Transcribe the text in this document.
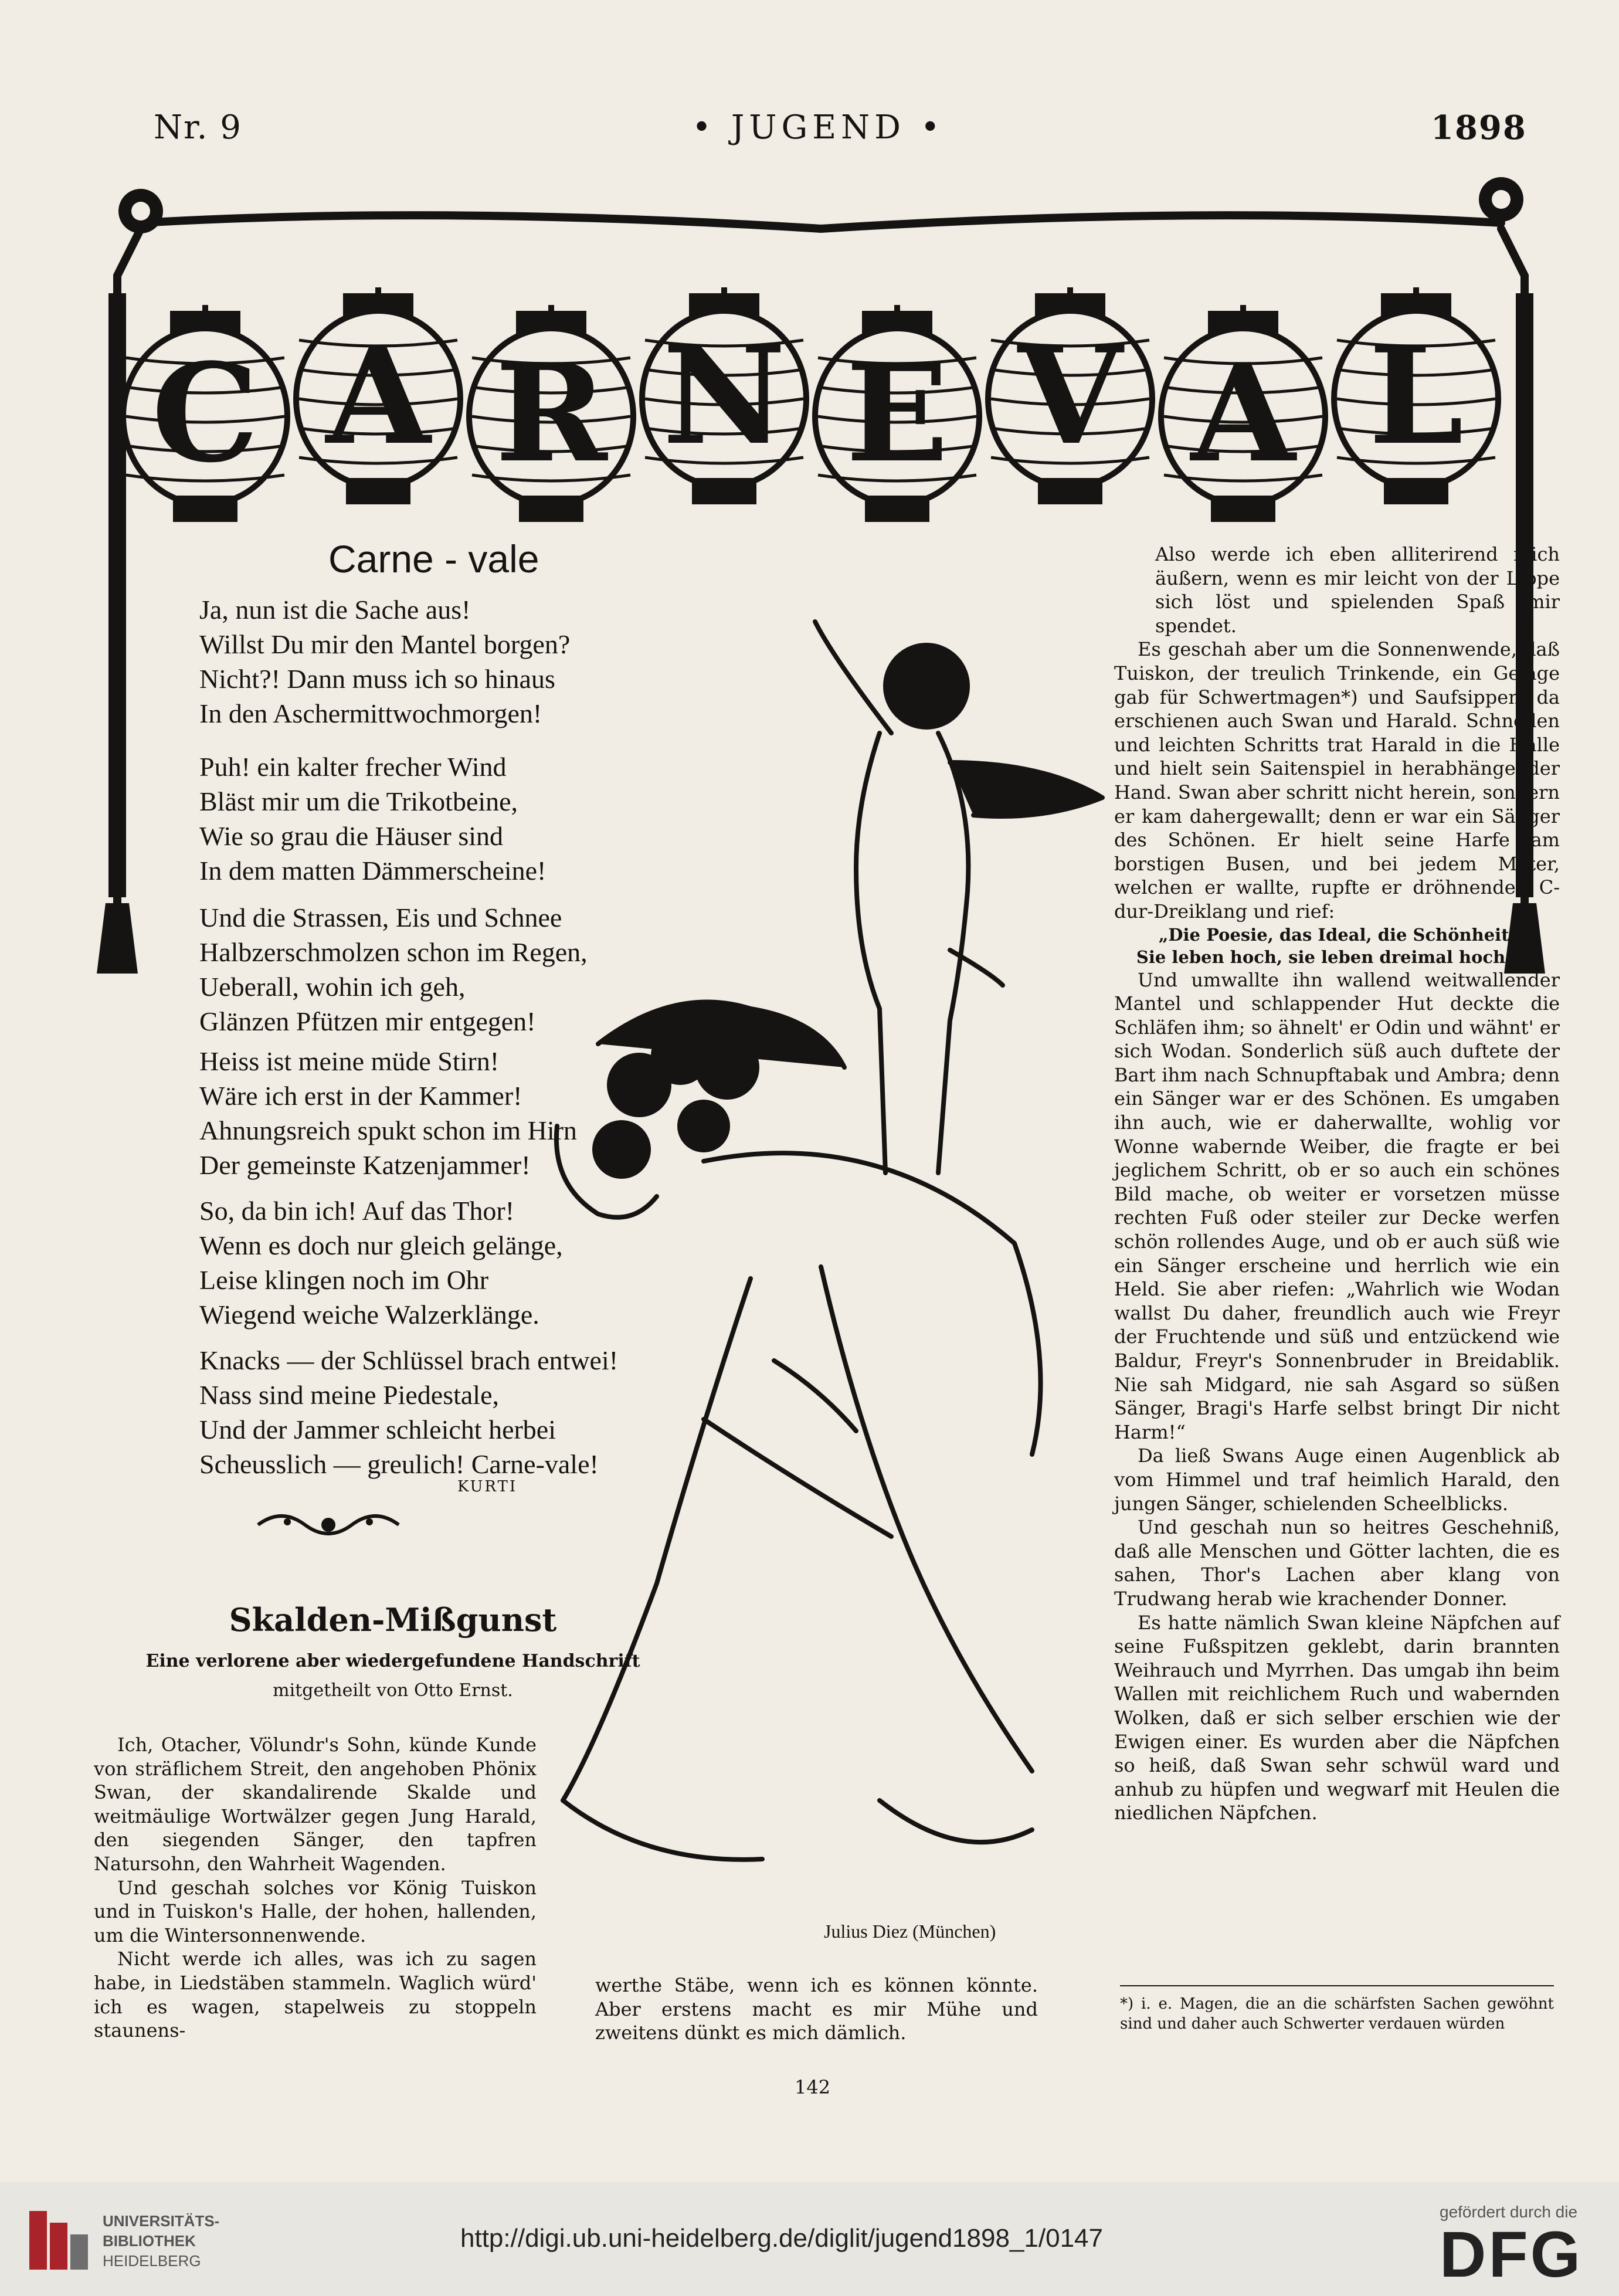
Nr. 9	• JUGEND •	1898
C A R N E V A L
Carne - vale

Ja, nun ist die Sache aus!

Willst Du mir den Mantel borgen?

Nicht?! Dann muss ich so hinaus

In den Aschermittwochmorgen!

Puh! ein kalter frecher Wind

Bläst mir um die Trikotbeine,

Wie so grau die Häuser sind

In dem matten Dämmerscheine!

Und die Strassen, Eis und Schnee

Halbzerschmolzen schon im Regen,

Ueberall, wohin ich geh,

Glänzen Pfützen mir entgegen!

Heiss ist meine müde Stirn!

Wäre ich erst in der Kammer!

Ahnungsreich spukt schon im Hirn

Der gemeinste Katzenjammer!

So, da bin ich! Auf das Thor!

Wenn es doch nur gleich gelänge,

Leise klingen noch im Ohr

Wiegend weiche Walzerklänge.

Knacks — der Schlüssel brach entwei!

Nass sind meine Piedestale,

Und der Jammer schleicht herbei

Scheusslich — greulich! Carne-vale!

KURTI
Skalden-Mißgunst
Eine verlorene aber wiedergefundene Handschrift
mitgetheilt von Otto Ernst.

Ich, Otacher, Völundr's Sohn, künde Kunde von sträflichem Streit, den angehoben Phönix Swan, der skandalirende Skalde und weitmäulige Wortwälzer gegen Jung Harald, den siegenden Sänger, den tapfren Natursohn, den Wahrheit Wagenden.

Und geschah solches vor König Tuiskon und in Tuiskon's Halle, der hohen, hallenden, um die Wintersonnenwende.

Nicht werde ich alles, was ich zu sagen habe, in Liedstäben stammeln. Waglich würd' ich es wagen, stapelweis zu stoppeln staunens-

werthe Stäbe, wenn ich es können könnte. Aber erstens macht es mir Mühe und zweitens dünkt es mich dämlich.

Julius Diez (München)

Also werde ich eben alliterirend mich äußern, wenn es mir leicht von der Lippe sich löst und spielenden Spaß mir spendet.

Es geschah aber um die Sonnenwende, daß Tuiskon, der treulich Trinkende, ein Gelage gab für Schwertmagen*) und Saufsippen, da erschienen auch Swan und Harald. Schnellen und leichten Schritts trat Harald in die Halle und hielt sein Saitenspiel in herabhängender Hand. Swan aber schritt nicht herein, sondern er kam dahergewallt; denn er war ein Sänger des Schönen. Er hielt seine Harfe am borstigen Busen, und bei jedem Meter, welchen er wallte, rupfte er dröhnenden C-dur-Dreiklang und rief:

„Die Poesie, das Ideal, die Schönheit:

Sie leben hoch, sie leben dreimal hoch!!!“

Und umwallte ihn wallend weitwallender Mantel und schlappender Hut deckte die Schläfen ihm; so ähnelt' er Odin und wähnt' er sich Wodan. Sonderlich süß auch duftete der Bart ihm nach Schnupftabak und Ambra; denn ein Sänger war er des Schönen. Es umgaben ihn auch, wie er daherwallte, wohlig vor Wonne wabernde Weiber, die fragte er bei jeglichem Schritt, ob er so auch ein schönes Bild mache, ob weiter er vorsetzen müsse rechten Fuß oder steiler zur Decke werfen schön rollendes Auge, und ob er auch süß wie ein Sänger erscheine und herrlich wie ein Held. Sie aber riefen: „Wahrlich wie Wodan wallst Du daher, freundlich auch wie Freyr der Fruchtende und süß und entzückend wie Baldur, Freyr's Sonnenbruder in Breidablik. Nie sah Midgard, nie sah Asgard so süßen Sänger, Bragi's Harfe selbst bringt Dir nicht Harm!“

Da ließ Swans Auge einen Augenblick ab vom Himmel und traf heimlich Harald, den jungen Sänger, schielenden Scheelblicks.

Und geschah nun so heitres Geschehniß, daß alle Menschen und Götter lachten, die es sahen, Thor's Lachen aber klang von Trudwang herab wie krachender Donner.

Es hatte nämlich Swan kleine Näpfchen auf seine Fußspitzen geklebt, darin brannten Weihrauch und Myrrhen. Das umgab ihn beim Wallen mit reichlichem Ruch und wabernden Wolken, daß er sich selber erschien wie der Ewigen einer. Es wurden aber die Näpfchen so heiß, daß Swan sehr schwül ward und anhub zu hüpfen und wegwarf mit Heulen die niedlichen Näpfchen.

*) i. e. Magen, die an die schärfsten Sachen gewöhnt sind und daher auch Schwerter verdauen würden
142
UNIVERSITÄTS-
BIBLIOTHEK
HEIDELBERG
http://digi.ub.uni-heidelberg.de/diglit/jugend1898_1/0147
gefördert durch die
DFG
